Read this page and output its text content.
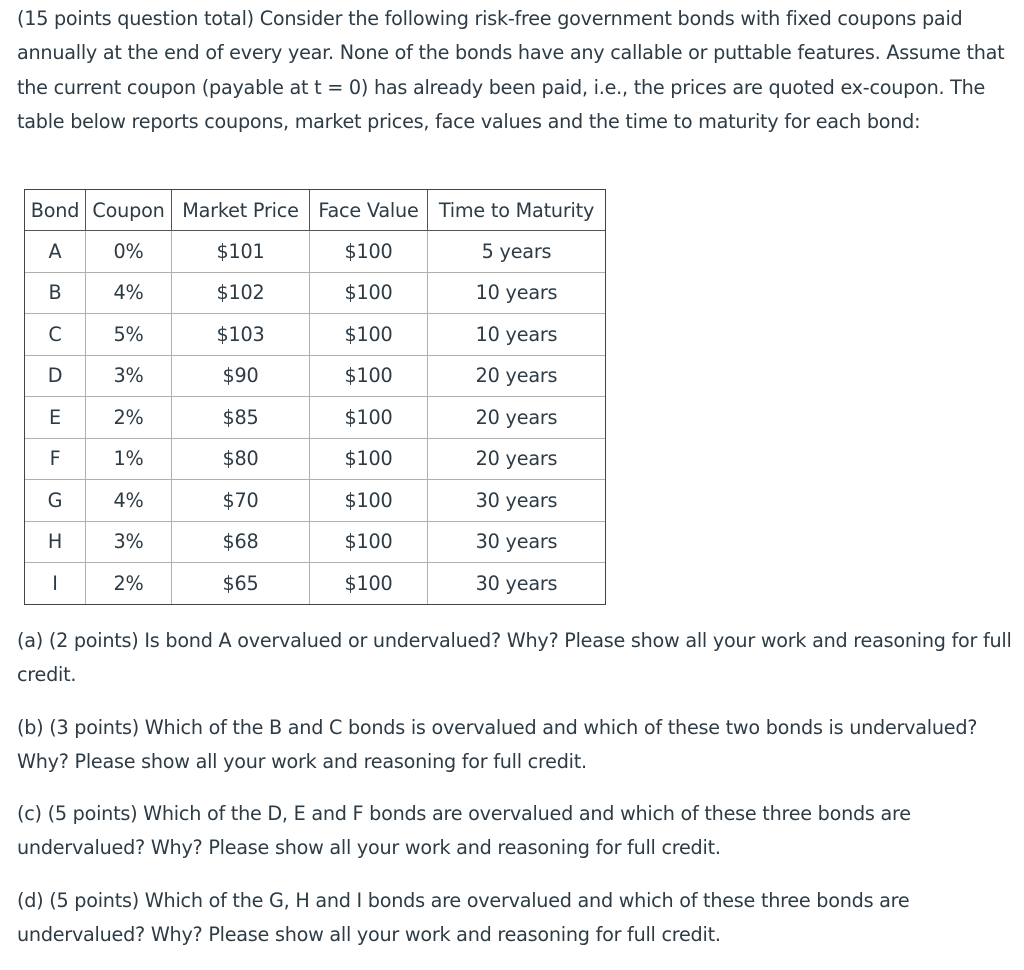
(15 points question total) Consider the following risk-free government bonds with fixed coupons paid annually at the end of every year. None of the bonds have any callable or puttable features. Assume that the current coupon (payable at t = 0) has already been paid, i.e., the prices are quoted ex-coupon. The table below reports coupons, market prices, face values and the time to maturity for each bond:

Bond	Coupon	Market Price	Face Value	Time to Maturity
A	0%	$101	$100	5 years
B	4%	$102	$100	10 years
C	5%	$103	$100	10 years
D	3%	$90	$100	20 years
E	2%	$85	$100	20 years
F	1%	$80	$100	20 years
G	4%	$70	$100	30 years
H	3%	$68	$100	30 years
I	2%	$65	$100	30 years

(a) (2 points) Is bond A overvalued or undervalued? Why? Please show all your work and reasoning for full credit.

(b) (3 points) Which of the B and C bonds is overvalued and which of these two bonds is undervalued? Why? Please show all your work and reasoning for full credit.

(c) (5 points) Which of the D, E and F bonds are overvalued and which of these three bonds are undervalued? Why? Please show all your work and reasoning for full credit.

(d) (5 points) Which of the G, H and I bonds are overvalued and which of these three bonds are undervalued? Why? Please show all your work and reasoning for full credit.
